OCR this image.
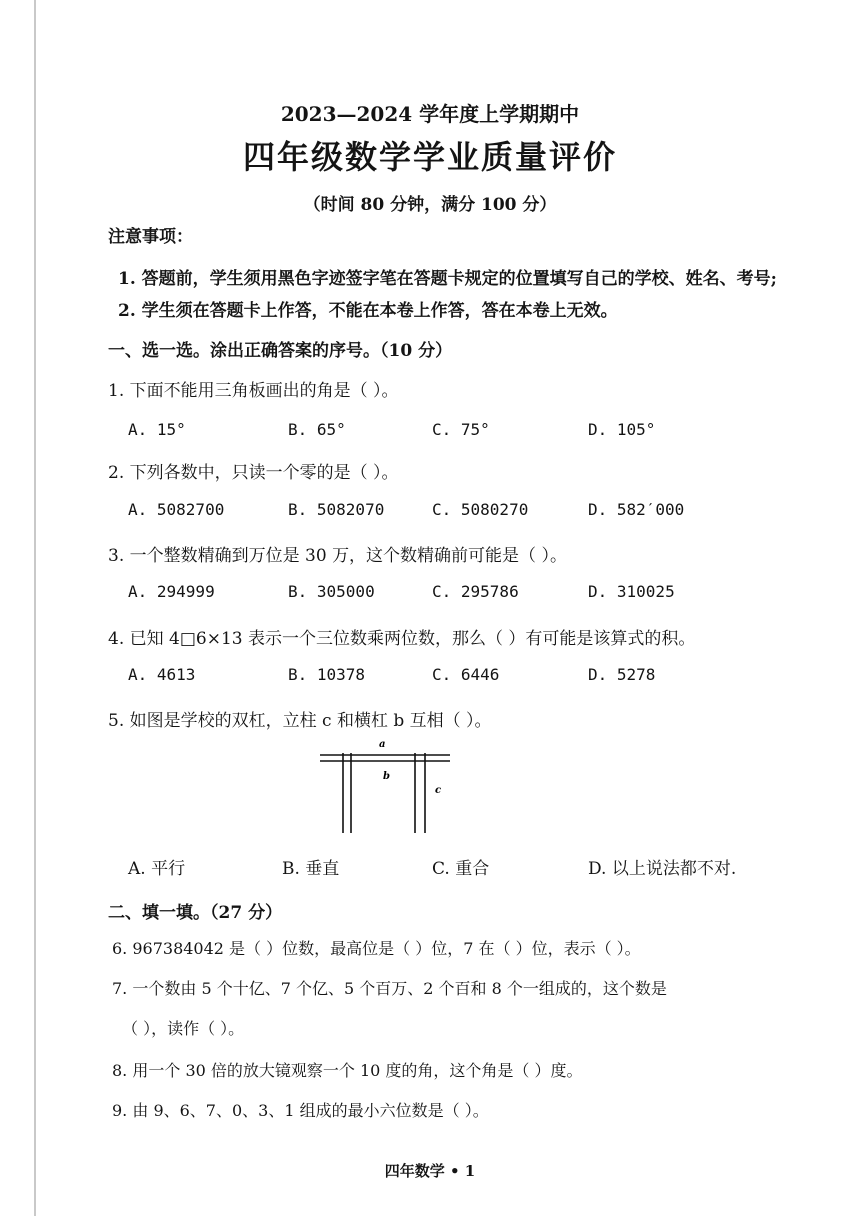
2023—2024 学年度上学期期中
四年级数学学业质量评价
（时间 80 分钟，满分 100 分）
注意事项：
1. 答题前，学生须用黑色字迹签字笔在答题卡规定的位置填写自己的学校、姓名、考号;
2. 学生须在答题卡上作答，不能在本卷上作答，答在本卷上无效。
一、选一选。涂出正确答案的序号。（10 分）
1. 下面不能用三角板画出的角是（ ）。
A. 15°	B. 65°	C. 75°	D. 105°
2. 下列各数中，只读一个零的是（ ）。
A. 5082700	B. 5082070	C. 5080270	D. 582ˊ000
3. 一个整数精确到万位是 30 万，这个数精确前可能是（ ）。
A. 294999	B. 305000	C. 295786	D. 310025
4. 已知 4□6×13 表示一个三位数乘两位数，那么（ ）有可能是该算式的积。
A. 4613	B. 10378	C. 6446	D. 5278
5. 如图是学校的双杠，立柱 c 和横杠 b 互相（ ）。
a
b
c
A. 平行	B. 垂直	C. 重合	D. 以上说法都不对.
二、填一填。（27 分）
6. 967384042 是（ ）位数，最高位是（ ）位，7 在（ ）位，表示（ ）。
7. 一个数由 5 个十亿、7 个亿、5 个百万、2 个百和 8 个一组成的，这个数是
（ ），读作（ ）。
8. 用一个 30 倍的放大镜观察一个 10 度的角，这个角是（ ）度。
9. 由 9、6、7、0、3、1 组成的最小六位数是（ ）。
四年数学 • 1
